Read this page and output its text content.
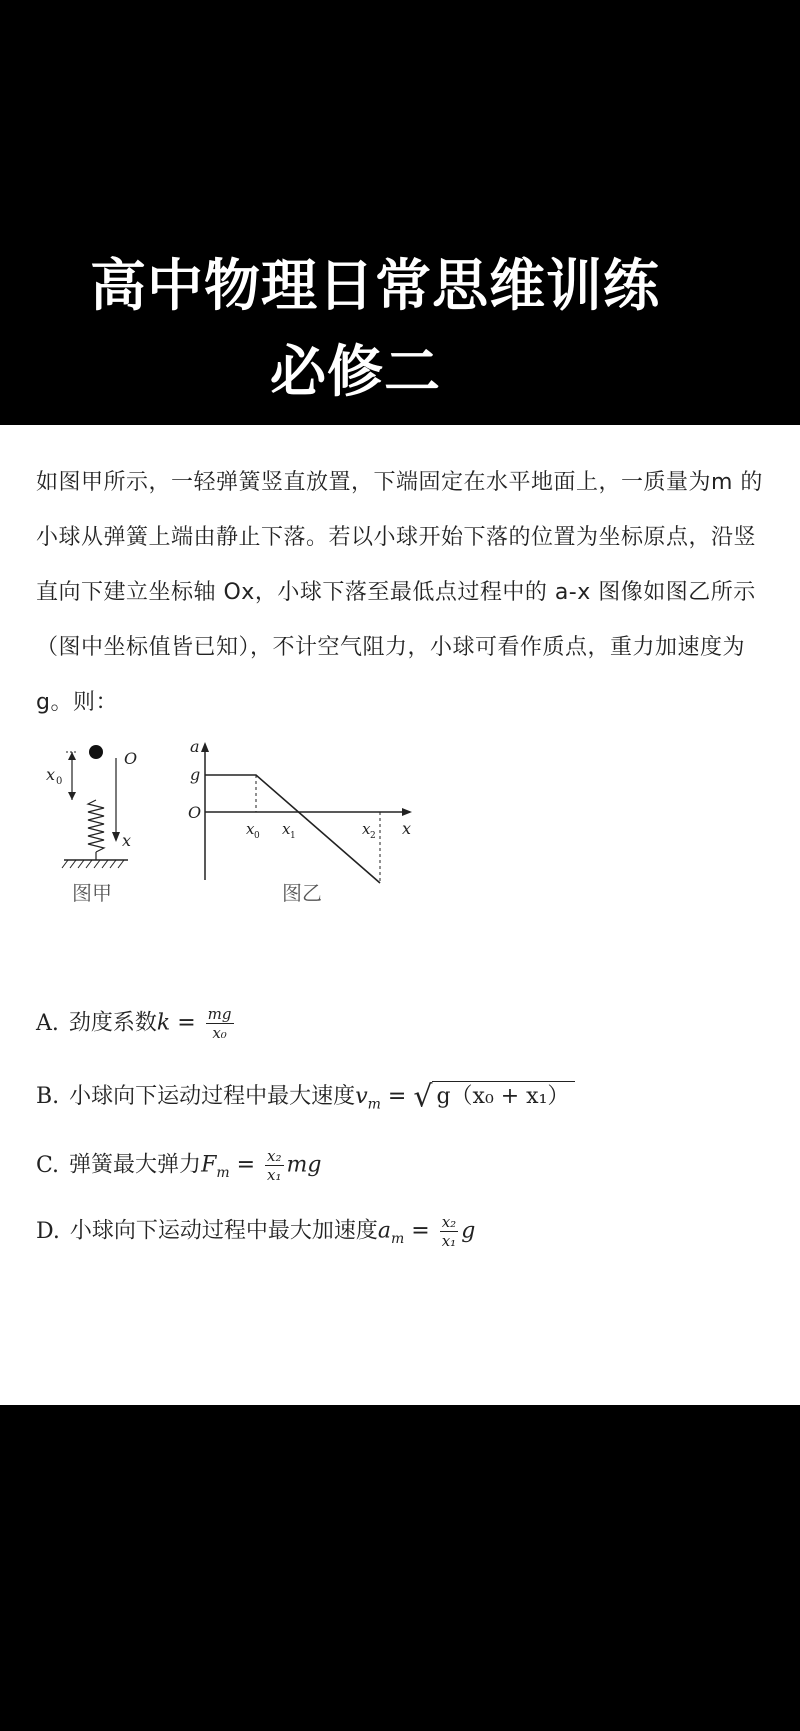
高中物理日常思维训练
必修二
如图甲所示，一轻弹簧竖直放置，下端固定在水平地面上，一质量为m 的小球从弹簧上端由静止下落。若以小球开始下落的位置为坐标原点，沿竖直向下建立坐标轴 Ox，小球下落至最低点过程中的 a-x 图像如图乙所示（图中坐标值皆已知），不计空气阻力，小球可看作质点，重力加速度为 g。则：
x 0
O
x
图甲
a
g
O
x
x 0 x 1	x 2
图乙
A. 劲度系数$k = \frac{mg}{\text{x₀}}$
B. 小球向下运动过程中最大速度$v_m$ = √ g（x₀ + x₁）
C. 弹簧最大弹力$F_m = \frac{\text{x₂}}{\text{x₁}}$ mg
D. 小球向下运动过程中最大加速度$a_m = \frac{\text{x₂}}{\text{x₁}}$ g
